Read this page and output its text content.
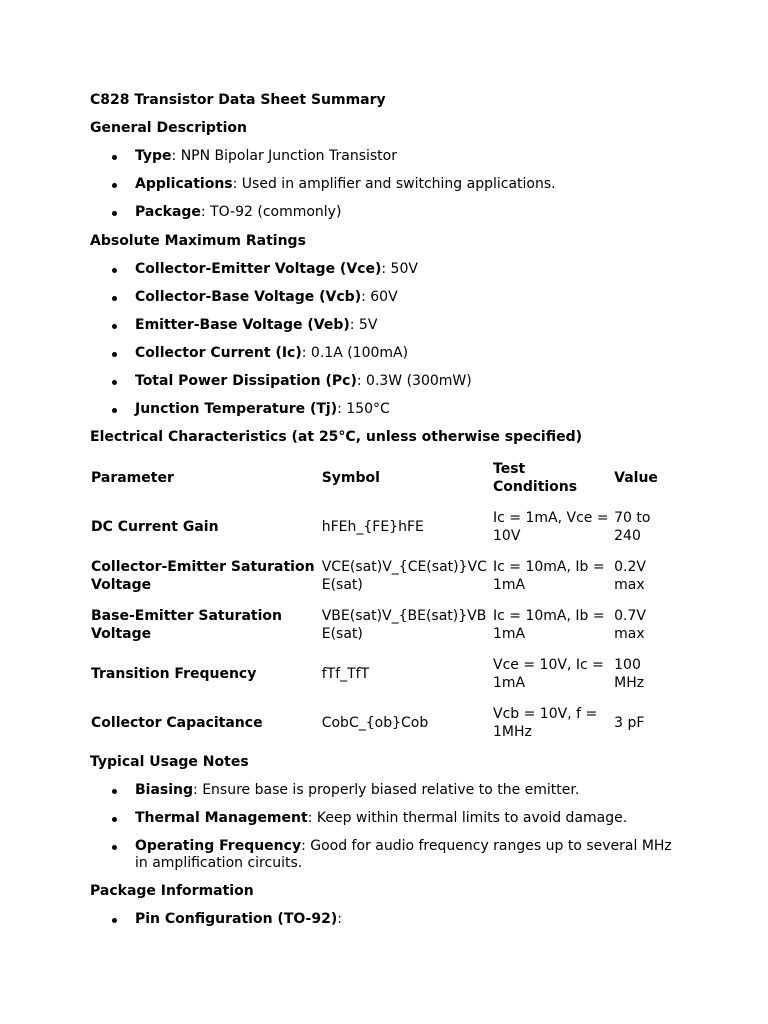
C828 Transistor Data Sheet Summary

General Description

Type: NPN Bipolar Junction Transistor
Applications: Used in amplifier and switching applications.
Package: TO-92 (commonly)

Absolute Maximum Ratings

Collector-Emitter Voltage (Vce): 50V
Collector-Base Voltage (Vcb): 60V
Emitter-Base Voltage (Veb): 5V
Collector Current (Ic): 0.1A (100mA)
Total Power Dissipation (Pc): 0.3W (300mW)
Junction Temperature (Tj): 150°C

Electrical Characteristics (at 25°C, unless otherwise specified)

Parameter	Symbol	Test Conditions	Value
DC Current Gain	hFEh_{FE}hFE	Ic = 1mA, Vce = 10V	70 to 240
Collector-Emitter Saturation Voltage	VCE(sat)V_{CE(sat)}VCE(sat)	Ic = 10mA, Ib = 1mA	0.2V max
Base-Emitter Saturation Voltage	VBE(sat)V_{BE(sat)}VBE(sat)	Ic = 10mA, Ib = 1mA	0.7V max
Transition Frequency	fTf_TfT	Vce = 10V, Ic = 1mA	100 MHz
Collector Capacitance	CobC_{ob}Cob	Vcb = 10V, f = 1MHz	3 pF

Typical Usage Notes

Biasing: Ensure base is properly biased relative to the emitter.
Thermal Management: Keep within thermal limits to avoid damage.
Operating Frequency: Good for audio frequency ranges up to several MHz in amplification circuits.

Package Information

Pin Configuration (TO-92):
